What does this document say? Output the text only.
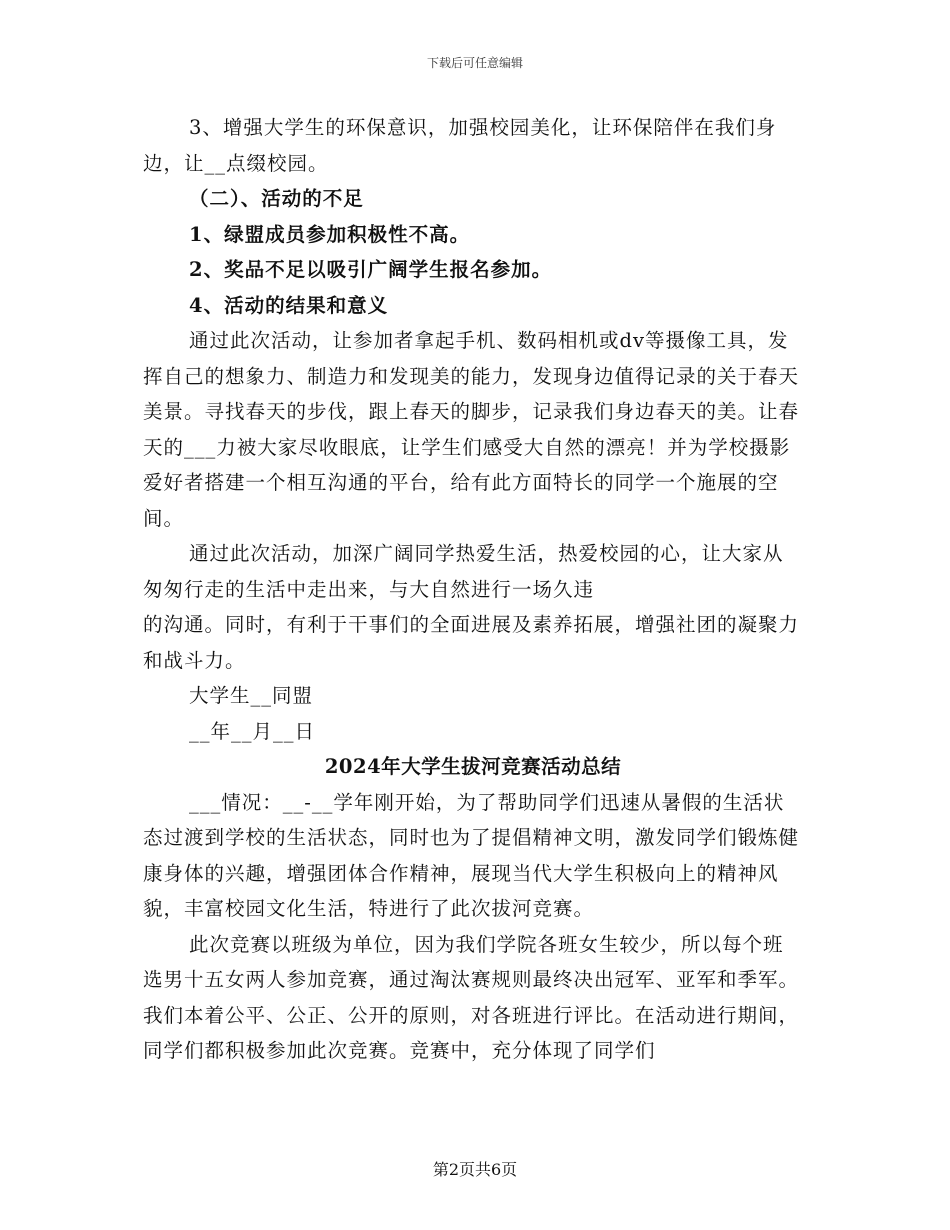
下载后可任意编辑

3、增强大学生的环保意识，加强校园美化，让环保陪伴在我们身边，让__点缀校园。

（二）、活动的不足

1、绿盟成员参加积极性不高。

2、奖品不足以吸引广阔学生报名参加。

4、活动的结果和意义

通过此次活动，让参加者拿起手机、数码相机或dv等摄像工具，发挥自己的想象力、制造力和发现美的能力，发现身边值得记录的关于春天美景。寻找春天的步伐，跟上春天的脚步，记录我们身边春天的美。让春天的___力被大家尽收眼底，让学生们感受大自然的漂亮！并为学校摄影爱好者搭建一个相互沟通的平台，给有此方面特长的同学一个施展的空间。

通过此次活动，加深广阔同学热爱生活，热爱校园的心，让大家从匆匆行走的生活中走出来，与大自然进行一场久违

的沟通。同时，有利于干事们的全面进展及素养拓展，增强社团的凝聚力和战斗力。

大学生__同盟

__年__月__日

2024年大学生拔河竞赛活动总结

___情况：__-__学年刚开始，为了帮助同学们迅速从暑假的生活状态过渡到学校的生活状态，同时也为了提倡精神文明，激发同学们锻炼健康身体的兴趣，增强团体合作精神，展现当代大学生积极向上的精神风貌，丰富校园文化生活，特进行了此次拔河竞赛。

此次竞赛以班级为单位，因为我们学院各班女生较少，所以每个班选男十五女两人参加竞赛，通过淘汰赛规则最终决出冠军、亚军和季军。我们本着公平、公正、公开的原则，对各班进行评比。在活动进行期间，同学们都积极参加此次竞赛。竞赛中，充分体现了同学们

第2页共6页
